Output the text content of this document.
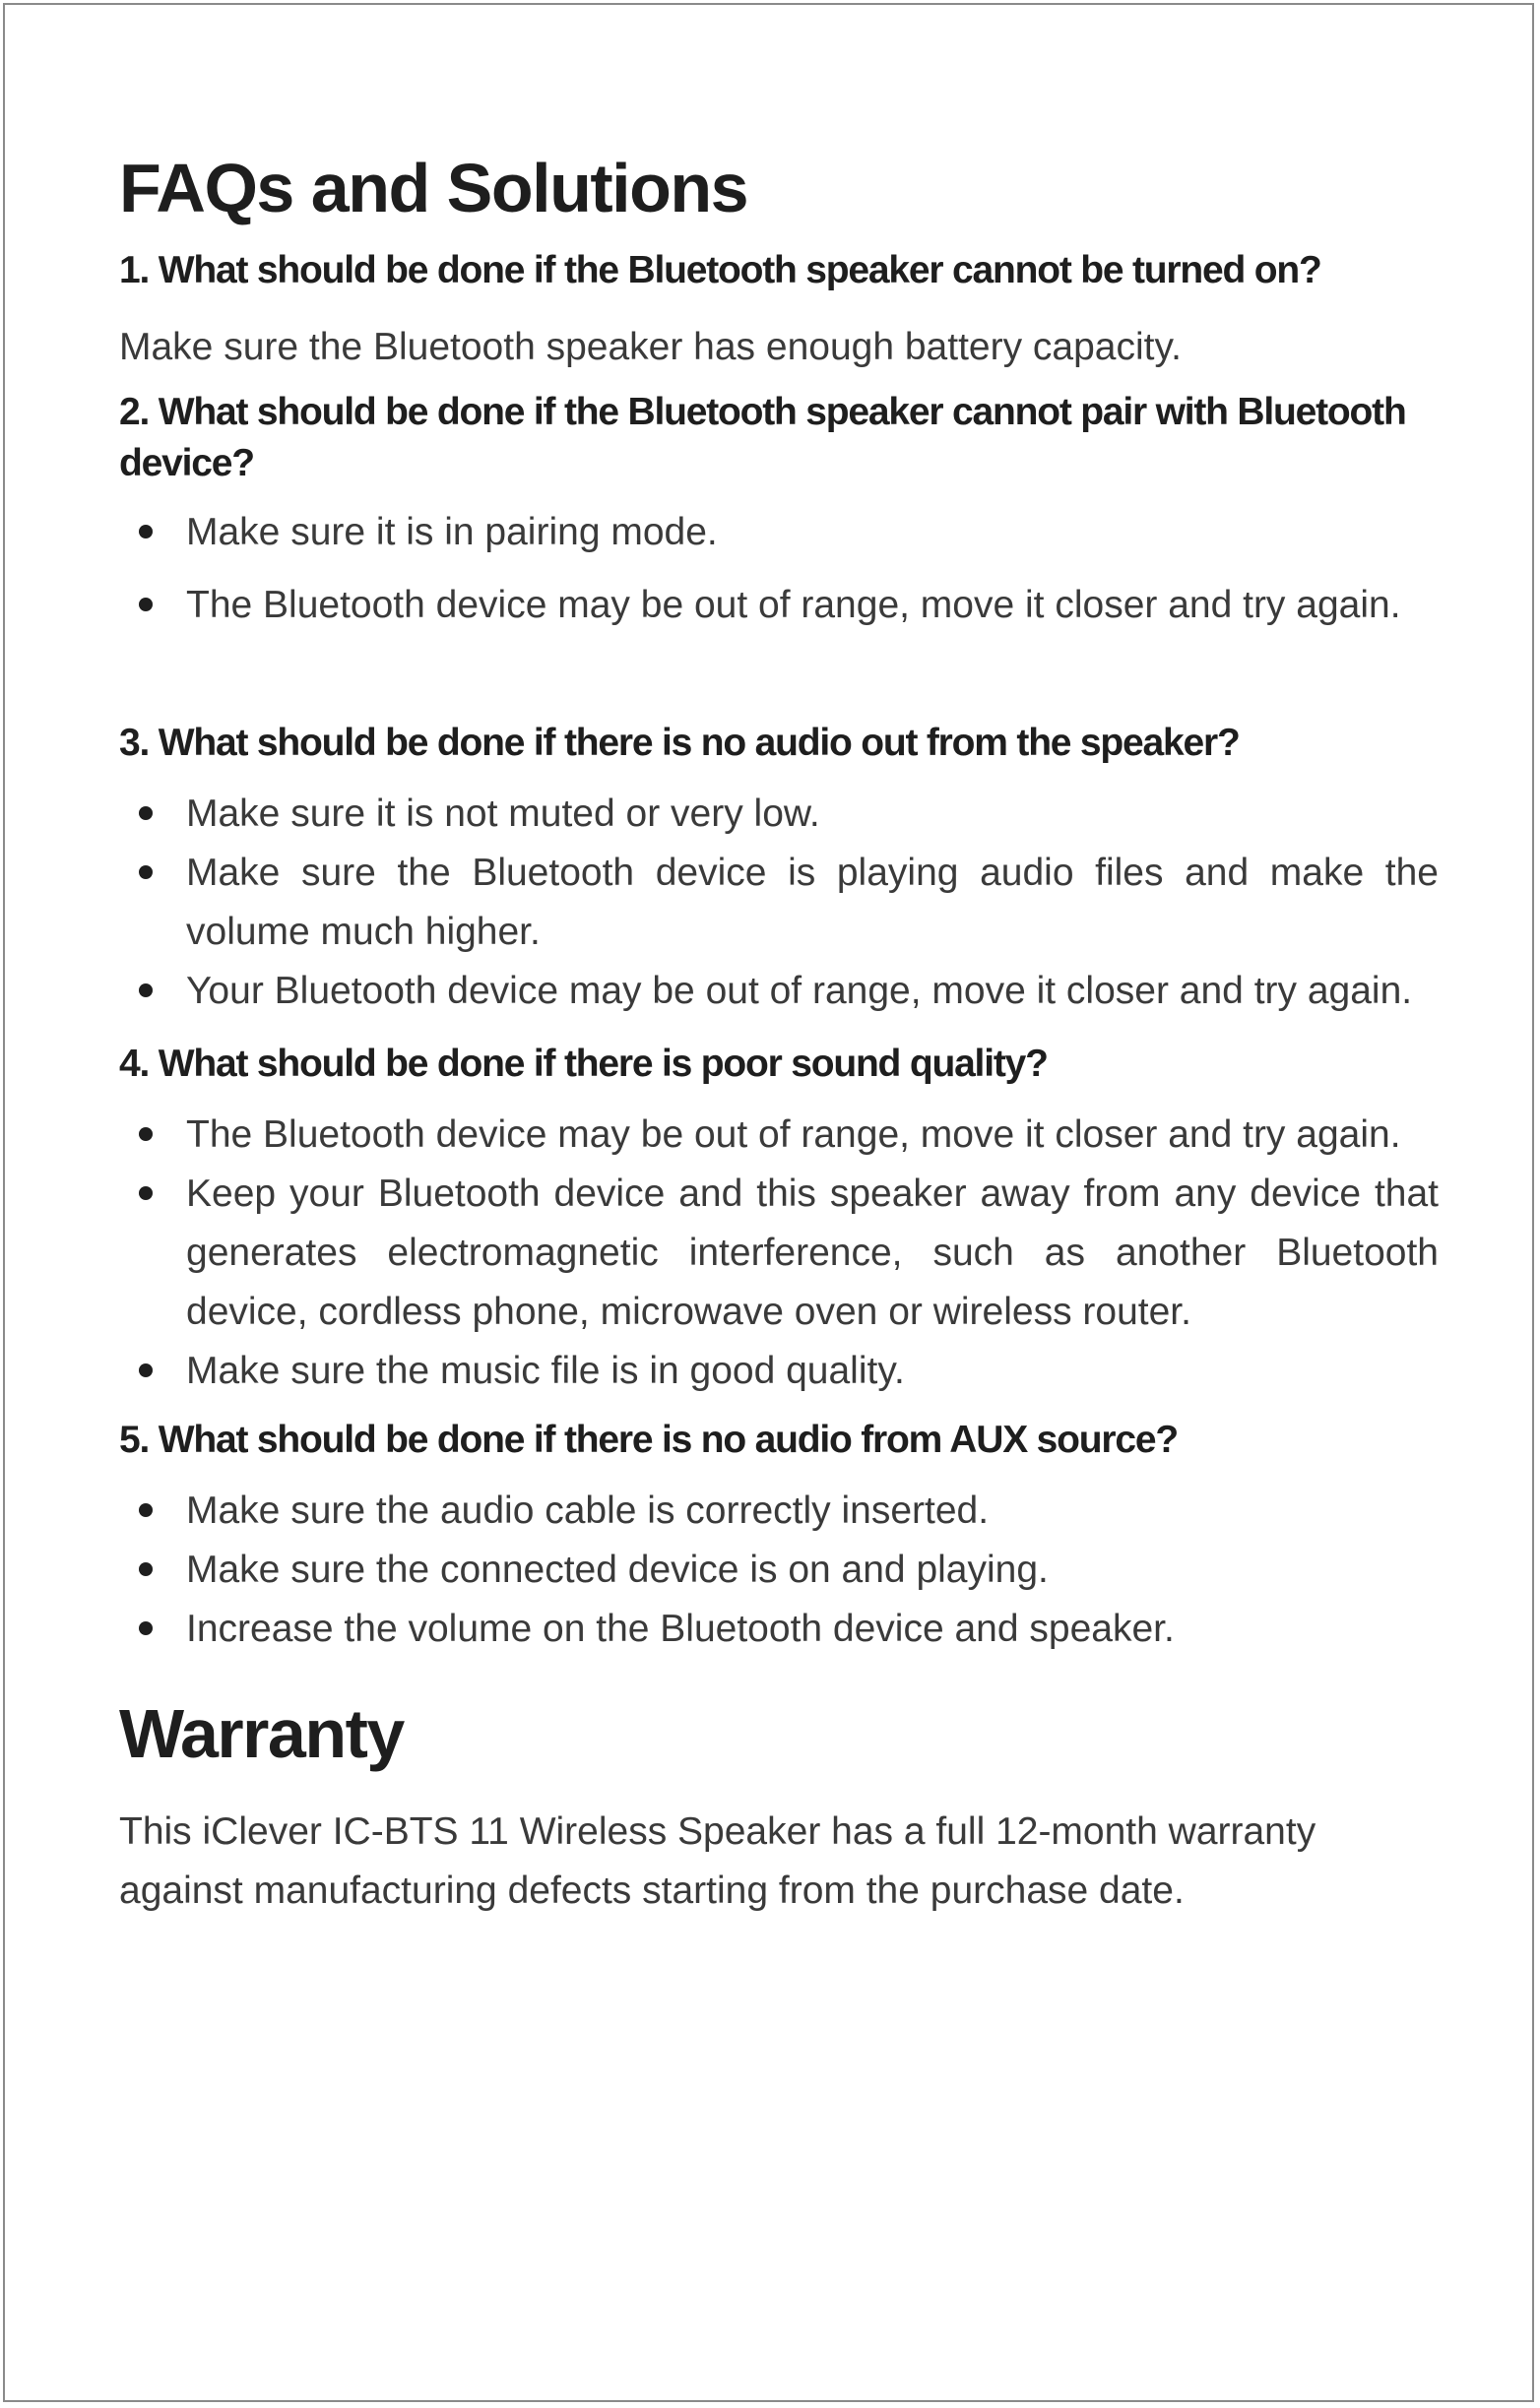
FAQs and Solutions

1. What should be done if the Bluetooth speaker cannot be turned on?

Make sure the Bluetooth speaker has enough battery capacity.

2. What should be done if the Bluetooth speaker cannot pair with Bluetooth device?

Make sure it is in pairing mode.
The Bluetooth device may be out of range, move it closer and try again.

3. What should be done if there is no audio out from the speaker?

Make sure it is not muted or very low.
Make sure the Bluetooth device is playing audio files and make the volume much higher.
Your Bluetooth device may be out of range, move it closer and try again.

4. What should be done if there is poor sound quality?

The Bluetooth device may be out of range, move it closer and try again.
Keep your Bluetooth device and this speaker away from any device that generates electromagnetic interference, such as another Bluetooth device, cordless phone, microwave oven or wireless router.
Make sure the music file is in good quality.

5. What should be done if there is no audio from AUX source?

Make sure the audio cable is correctly inserted.
Make sure the connected device is on and playing.
Increase the volume on the Bluetooth device and speaker.
Warranty

This iClever IC-BTS 11 Wireless Speaker has a full 12-month warranty against manufacturing defects starting from the purchase date.
